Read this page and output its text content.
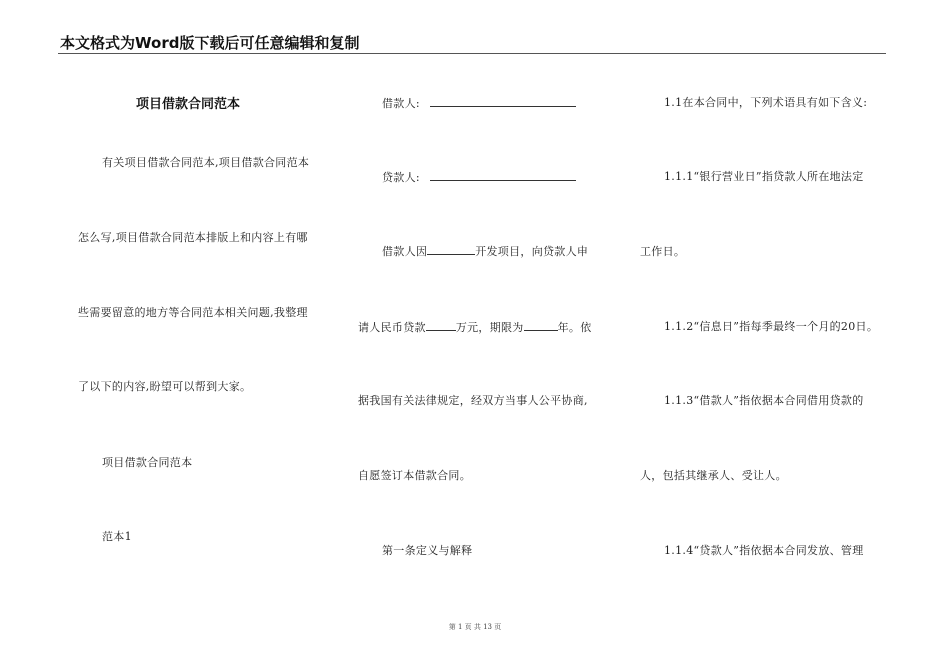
本文格式为Word版下载后可任意编辑和复制
项目借款合同范本
有关项目借款合同范本,项目借款合同范本
怎么写,项目借款合同范本排版上和内容上有哪
些需要留意的地方等合同范本相关问题,我整理
了以下的内容,盼望可以帮到大家。
项目借款合同范本
范本1
借款人:
贷款人:
借款人因	开发项目，向贷款人申
请人民币贷款	万元，期限为	年。依
据我国有关法律规定，经双方当事人公平协商,
自愿签订本借款合同。
第一条定义与解释
1.1在本合同中，下列术语具有如下含义:
1.1.1“银行营业日”指贷款人所在地法定
工作日。
1.1.2“信息日”指每季最终一个月的20日。
1.1.3“借款人”指依据本合同借用贷款的
人，包括其继承人、受让人。
1.1.4“贷款人”指依据本合同发放、管理
第 1 页 共 13 页
